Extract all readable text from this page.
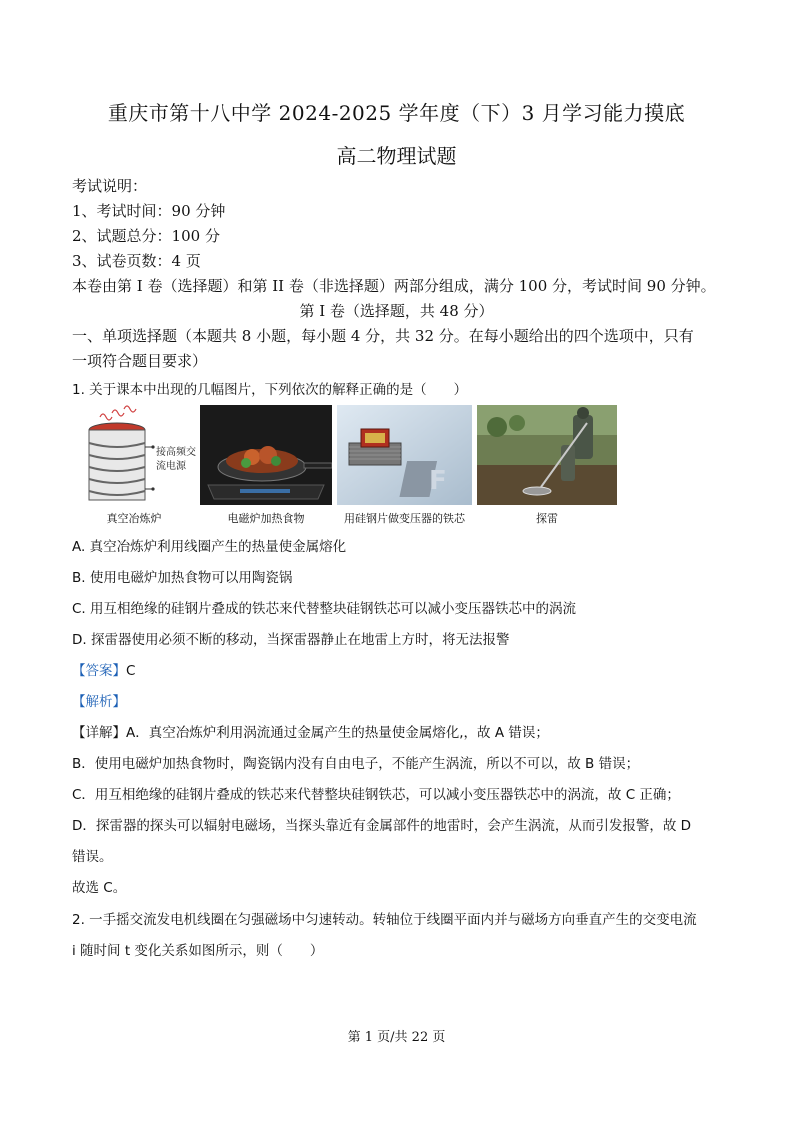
重庆市第十八中学 2024-2025 学年度（下）3 月学习能力摸底
高二物理试题
考试说明：
1、考试时间：90 分钟
2、试题总分：100 分
3、试卷页数：4 页
本卷由第 I 卷（选择题）和第 II 卷（非选择题）两部分组成，满分 100 分，考试时间 90 分钟。
第 I 卷（选择题，共 48 分）
一、单项选择题（本题共 8 小题，每小题 4 分，共 32 分。在每小题给出的四个选项中，只有
一项符合题目要求）
1. 关于课本中出现的几幅图片，下列依次的解释正确的是（　　）
接高频交
流电源	F
真空冶炼炉	电磁炉加热食物	用硅钢片做变压器的铁芯	探雷
A. 真空冶炼炉利用线圈产生的热量使金属熔化
B. 使用电磁炉加热食物可以用陶瓷锅
C. 用互相绝缘的硅钢片叠成的铁芯来代替整块硅钢铁芯可以减小变压器铁芯中的涡流
D. 探雷器使用必须不断的移动，当探雷器静止在地雷上方时，将无法报警
【答案】C
【解析】
【详解】A．真空冶炼炉利用涡流通过金属产生的热量使金属熔化,，故 A 错误；
B．使用电磁炉加热食物时，陶瓷锅内没有自由电子，不能产生涡流，所以不可以，故 B 错误；
C．用互相绝缘的硅钢片叠成的铁芯来代替整块硅钢铁芯，可以减小变压器铁芯中的涡流，故 C 正确；
D．探雷器的探头可以辐射电磁场，当探头靠近有金属部件的地雷时，会产生涡流，从而引发报警，故 D
错误。
故选 C。
2. 一手摇交流发电机线圈在匀强磁场中匀速转动。转轴位于线圈平面内并与磁场方向垂直产生的交变电流
i 随时间 t 变化关系如图所示，则（　　）
第 1 页/共 22 页
